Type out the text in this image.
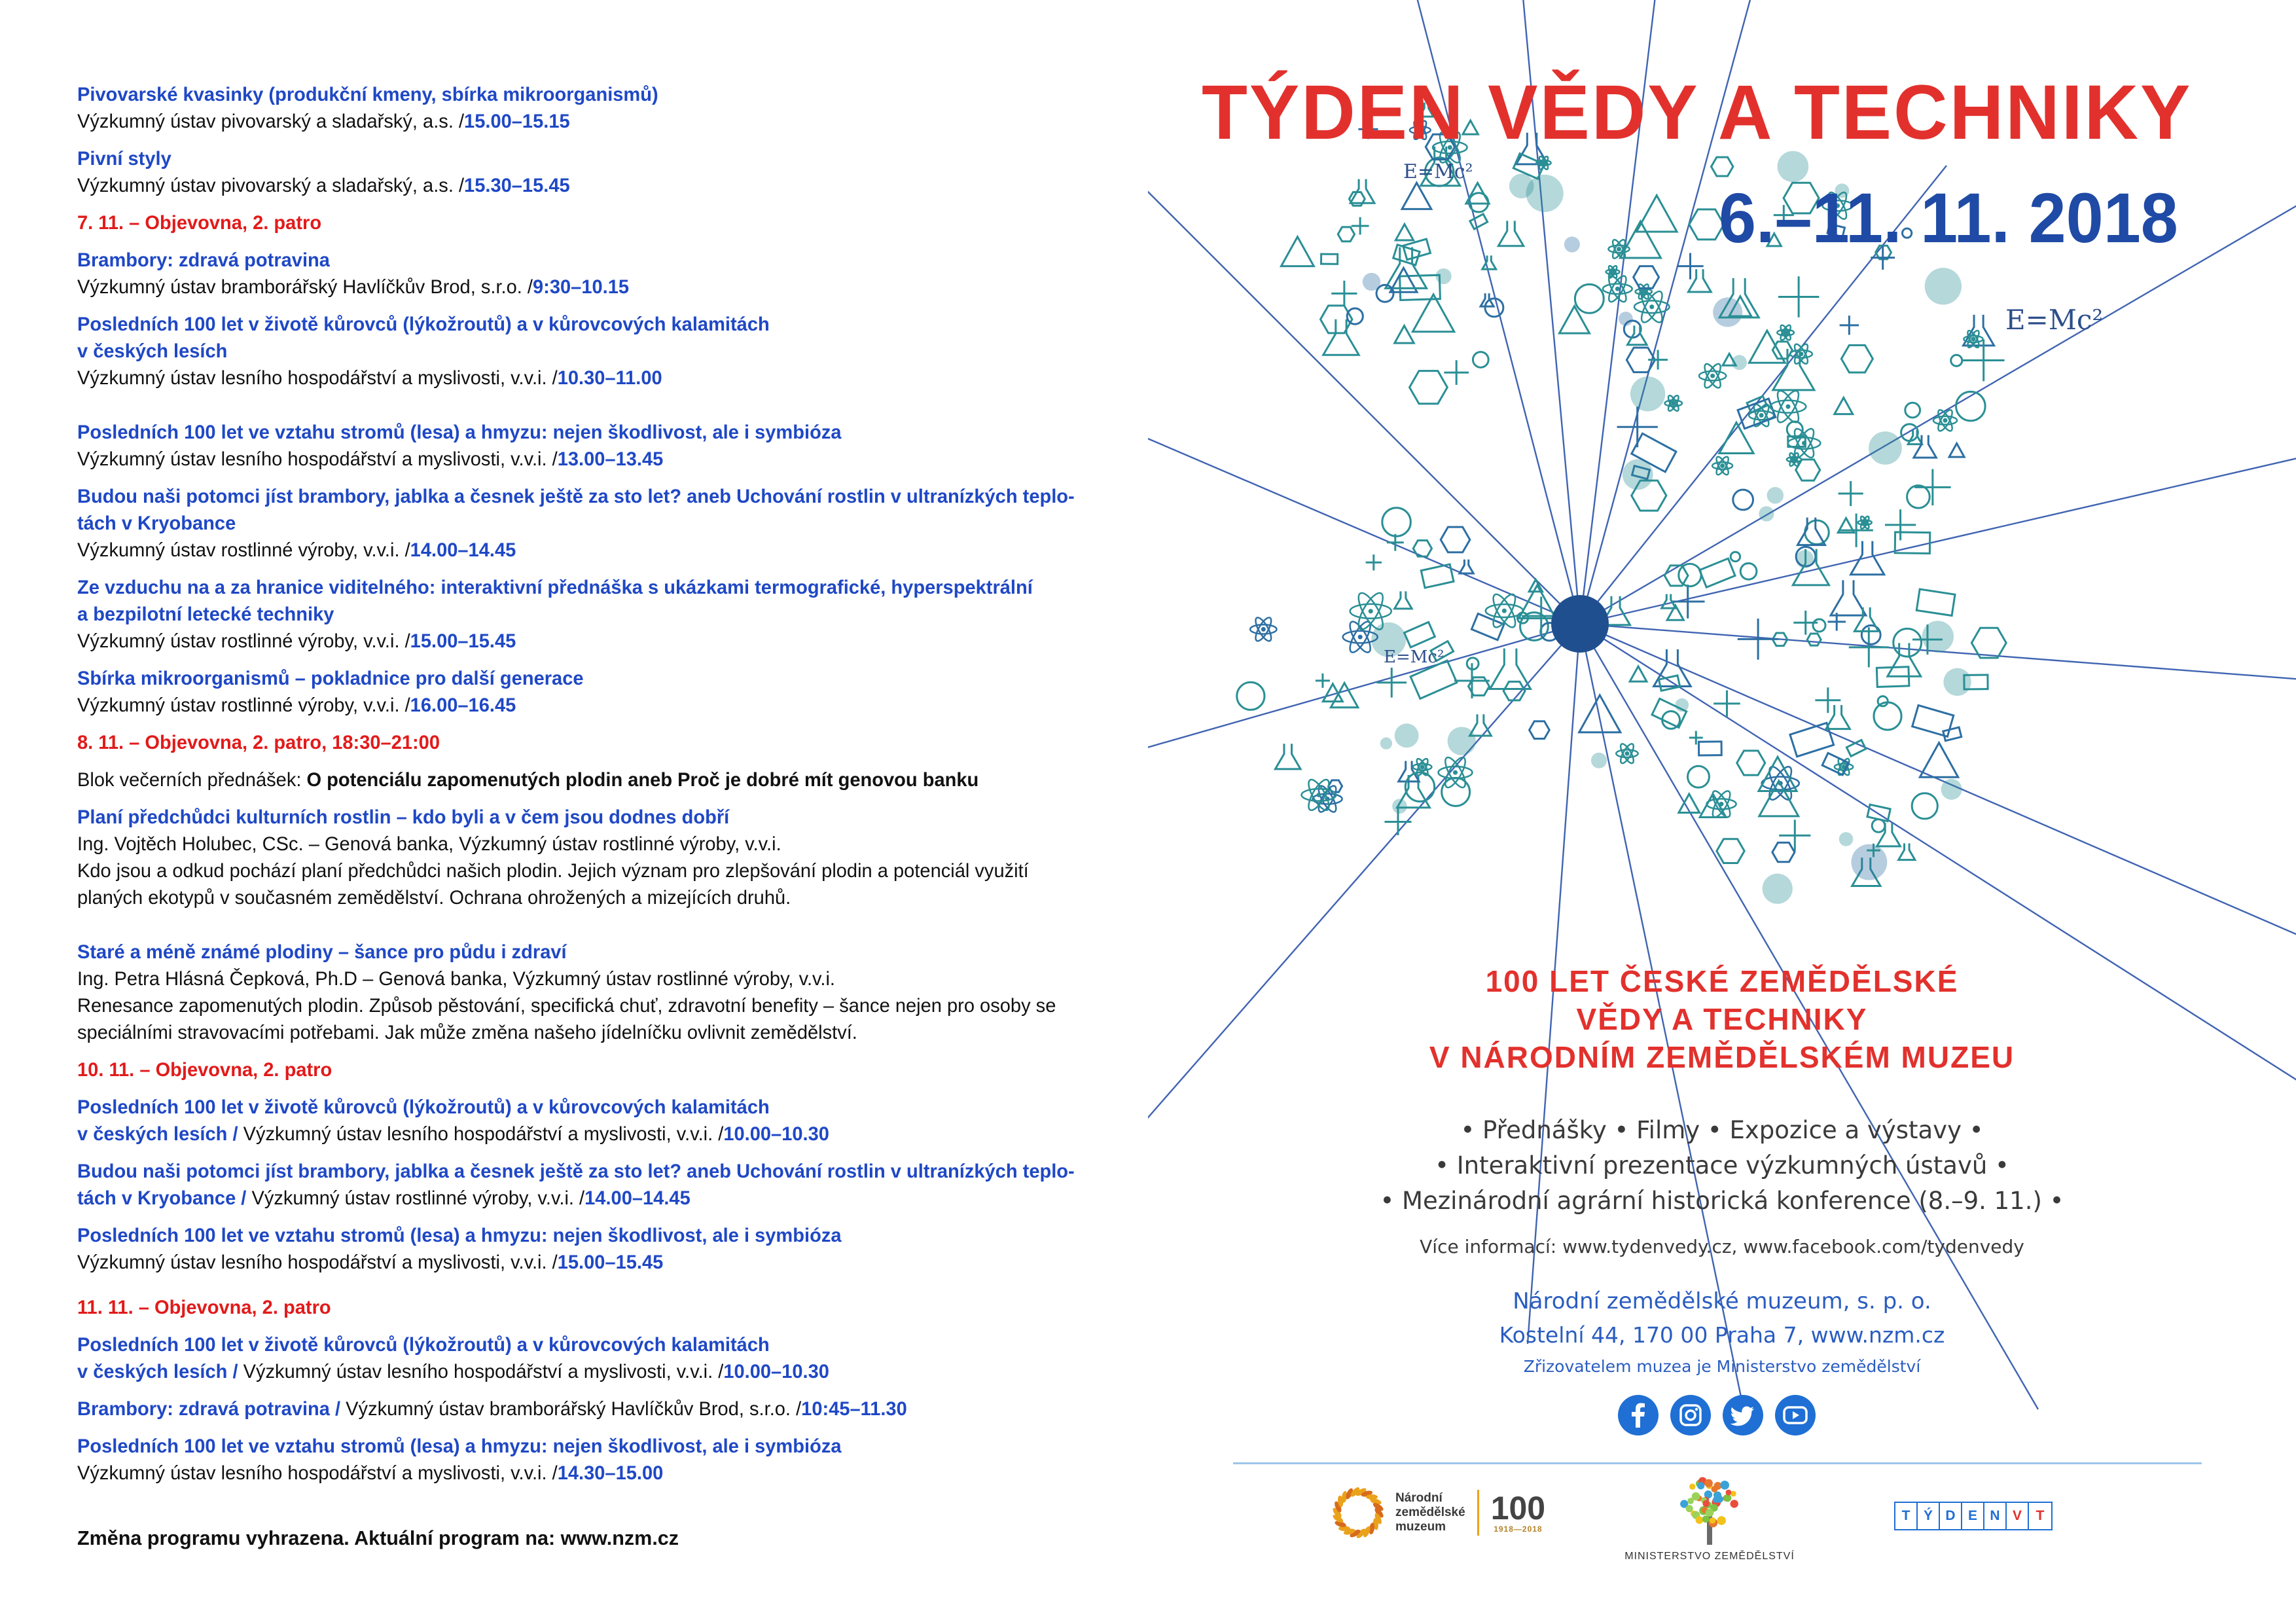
Pivovarské kvasinky (produkční kmeny, sbírka mikroorganismů)
Výzkumný ústav pivovarský a sladařský, a.s. /15.00–15.15
Pivní styly
Výzkumný ústav pivovarský a sladařský, a.s. /15.30–15.45
7. 11. – Objevovna, 2. patro
Brambory: zdravá potravina
Výzkumný ústav bramborářský Havlíčkův Brod, s.r.o. /9:30–10.15
Posledních 100 let v životě kůrovců (lýkožroutů) a v kůrovcových kalamitách
v českých lesích
Výzkumný ústav lesního hospodářství a myslivosti, v.v.i. /10.30–11.00
Posledních 100 let ve vztahu stromů (lesa) a hmyzu: nejen škodlivost, ale i symbióza
Výzkumný ústav lesního hospodářství a myslivosti, v.v.i. /13.00–13.45
Budou naši potomci jíst brambory, jablka a česnek ještě za sto let? aneb Uchování rostlin v ultranízkých teplo-
tách v Kryobance
Výzkumný ústav rostlinné výroby, v.v.i. /14.00–14.45
Ze vzduchu na a za hranice viditelného: interaktivní přednáška s ukázkami termografické, hyperspektrální
a bezpilotní letecké techniky
Výzkumný ústav rostlinné výroby, v.v.i. /15.00–15.45
Sbírka mikroorganismů – pokladnice pro další generace
Výzkumný ústav rostlinné výroby, v.v.i. /16.00–16.45
8. 11. – Objevovna, 2. patro, 18:30–21:00
Blok večerních přednášek: O potenciálu zapomenutých plodin aneb Proč je dobré mít genovou banku
Planí předchůdci kulturních rostlin – kdo byli a v čem jsou dodnes dobří
Ing. Vojtěch Holubec, CSc. – Genová banka, Výzkumný ústav rostlinné výroby, v.v.i.
Kdo jsou a odkud pochází planí předchůdci našich plodin. Jejich význam pro zlepšování plodin a potenciál využití
planých ekotypů v současném zemědělství. Ochrana ohrožených a mizejících druhů.
Staré a méně známé plodiny – šance pro půdu i zdraví
Ing. Petra Hlásná Čepková, Ph.D – Genová banka, Výzkumný ústav rostlinné výroby, v.v.i.
Renesance zapomenutých plodin. Způsob pěstování, specifická chuť, zdravotní benefity – šance nejen pro osoby se
speciálními stravovacími potřebami. Jak může změna našeho jídelníčku ovlivnit zemědělství.
10. 11. – Objevovna, 2. patro
Posledních 100 let v životě kůrovců (lýkožroutů) a v kůrovcových kalamitách
v českých lesích / Výzkumný ústav lesního hospodářství a myslivosti, v.v.i. /10.00–10.30
Budou naši potomci jíst brambory, jablka a česnek ještě za sto let? aneb Uchování rostlin v ultranízkých teplo-
tách v Kryobance / Výzkumný ústav rostlinné výroby, v.v.i. /14.00–14.45
Posledních 100 let ve vztahu stromů (lesa) a hmyzu: nejen škodlivost, ale i symbióza
Výzkumný ústav lesního hospodářství a myslivosti, v.v.i. /15.00–15.45
11. 11. – Objevovna, 2. patro
Posledních 100 let v životě kůrovců (lýkožroutů) a v kůrovcových kalamitách
v českých lesích / Výzkumný ústav lesního hospodářství a myslivosti, v.v.i. /10.00–10.30
Brambory: zdravá potravina / Výzkumný ústav bramborářský Havlíčkův Brod, s.r.o. /10:45–11.30
Posledních 100 let ve vztahu stromů (lesa) a hmyzu: nejen škodlivost, ale i symbióza
Výzkumný ústav lesního hospodářství a myslivosti, v.v.i. /14.30–15.00
Změna programu vyhrazena. Aktuální program na: www.nzm.cz
E=Mc²
E=Mc²
E=Mc²
TÝDEN VĚDY A TECHNIKY
6.–11. 11. 2018
100 LET ČESKÉ ZEMĚDĚLSKÉ
VĚDY A TECHNIKY
V NÁRODNÍM ZEMĚDĚLSKÉM MUZEU
• Přednášky • Filmy • Expozice a výstavy •
• Interaktivní prezentace výzkumných ústavů •
• Mezinárodní agrární historická konference (8.–9. 11.) •
Více informací: www.tydenvedy.cz, www.facebook.com/tydenvedy
Národní zemědělské muzeum, s. p. o.
Kostelní 44, 170 00 Praha 7, www.nzm.cz
Zřizovatelem muzea je Ministerstvo zemědělství
Národní
zemědělské
muzeum
100
1918—2018
MINISTERSTVO ZEMĚDĚLSTVÍ
T Ý D E N V	T
